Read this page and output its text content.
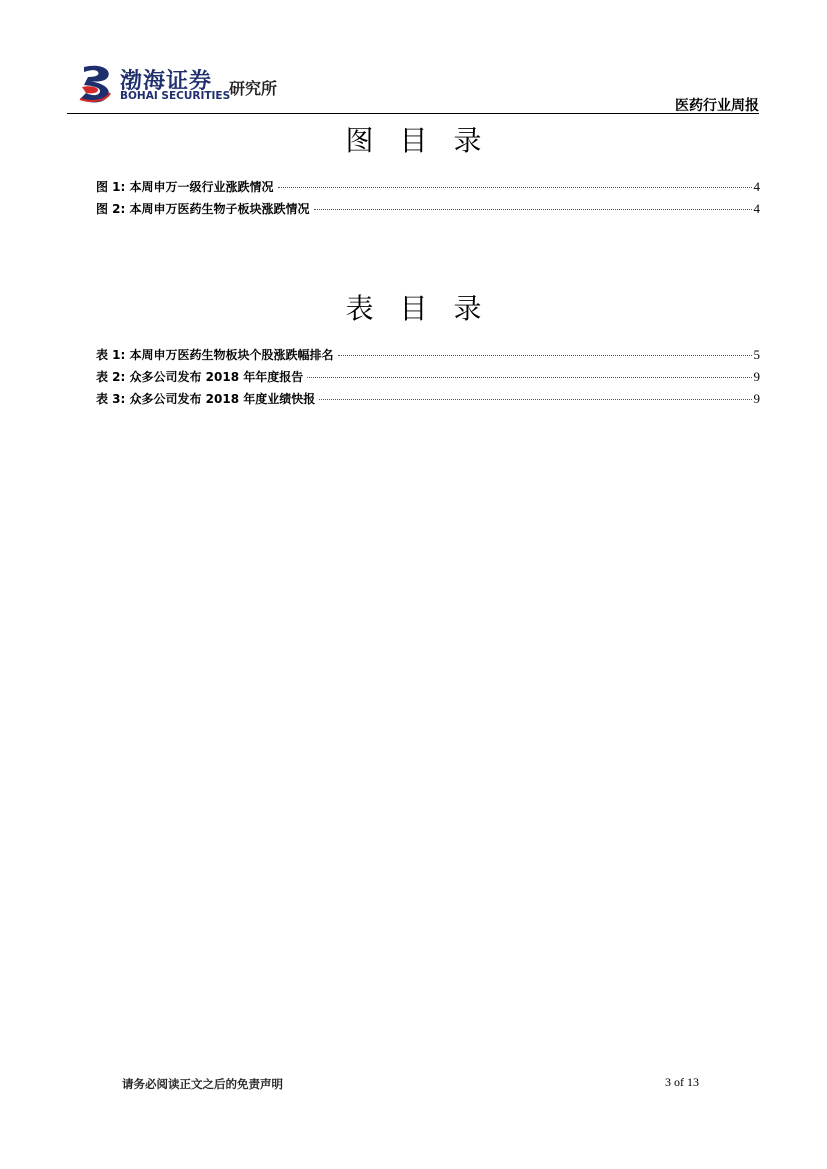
渤海证券
BOHAI SECURITIES
研究所
医药行业周报
图目录
图 1: 本周申万一级行业涨跌情况	4
图 2: 本周申万医药生物子板块涨跌情况	4
表目录
表 1: 本周申万医药生物板块个股涨跌幅排名	5
表 2: 众多公司发布 2018 年年度报告	9
表 3: 众多公司发布 2018 年度业绩快报	9
请务必阅读正文之后的免责声明	3 of 13
